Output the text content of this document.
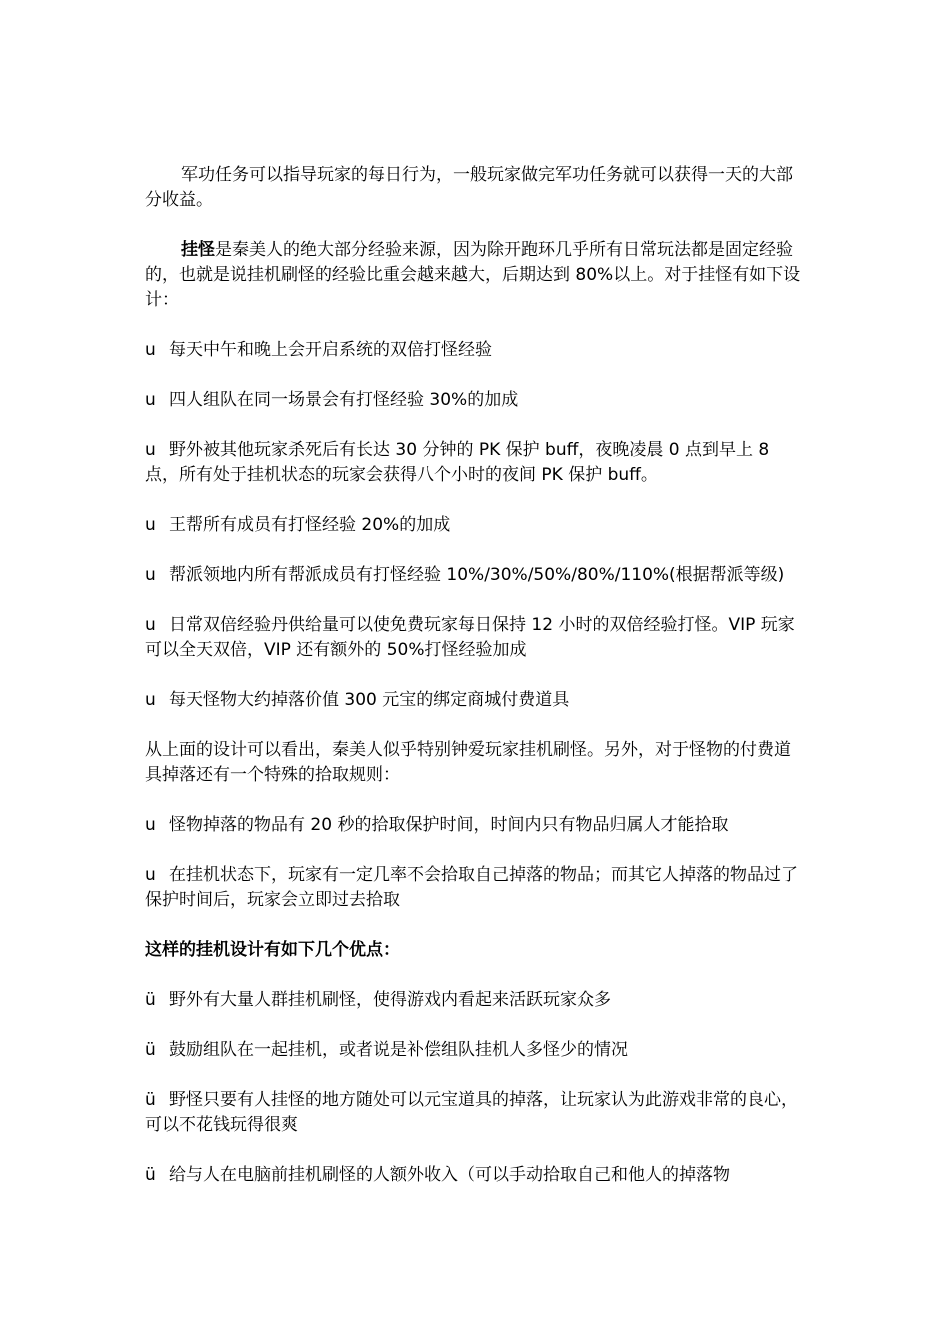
军功任务可以指导玩家的每日行为，一般玩家做完军功任务就可以获得一天的大部分收益。

挂怪是秦美人的绝大部分经验来源，因为除开跑环几乎所有日常玩法都是固定经验的，也就是说挂机刷怪的经验比重会越来越大，后期达到 80%以上。对于挂怪有如下设计：

u 每天中午和晚上会开启系统的双倍打怪经验
u 四人组队在同一场景会有打怪经验 30%的加成
u 野外被其他玩家杀死后有长达 30 分钟的 PK 保护 buff，夜晚凌晨 0 点到早上 8 点，所有处于挂机状态的玩家会获得八个小时的夜间 PK 保护 buff。
u 王帮所有成员有打怪经验 20%的加成
u 帮派领地内所有帮派成员有打怪经验 10%/30%/50%/80%/110%(根据帮派等级)
u 日常双倍经验丹供给量可以使免费玩家每日保持 12 小时的双倍经验打怪。VIP 玩家可以全天双倍，VIP 还有额外的 50%打怪经验加成
u 每天怪物大约掉落价值 300 元宝的绑定商城付费道具

从上面的设计可以看出，秦美人似乎特别钟爱玩家挂机刷怪。另外，对于怪物的付费道具掉落还有一个特殊的拾取规则：

u 怪物掉落的物品有 20 秒的拾取保护时间，时间内只有物品归属人才能拾取
u 在挂机状态下，玩家有一定几率不会拾取自己掉落的物品；而其它人掉落的物品过了保护时间后，玩家会立即过去拾取

这样的挂机设计有如下几个优点：

ü 野外有大量人群挂机刷怪，使得游戏内看起来活跃玩家众多
ü 鼓励组队在一起挂机，或者说是补偿组队挂机人多怪少的情况
ü 野怪只要有人挂怪的地方随处可以元宝道具的掉落，让玩家认为此游戏非常的良心，可以不花钱玩得很爽
ü 给与人在电脑前挂机刷怪的人额外收入（可以手动拾取自己和他人的掉落物
